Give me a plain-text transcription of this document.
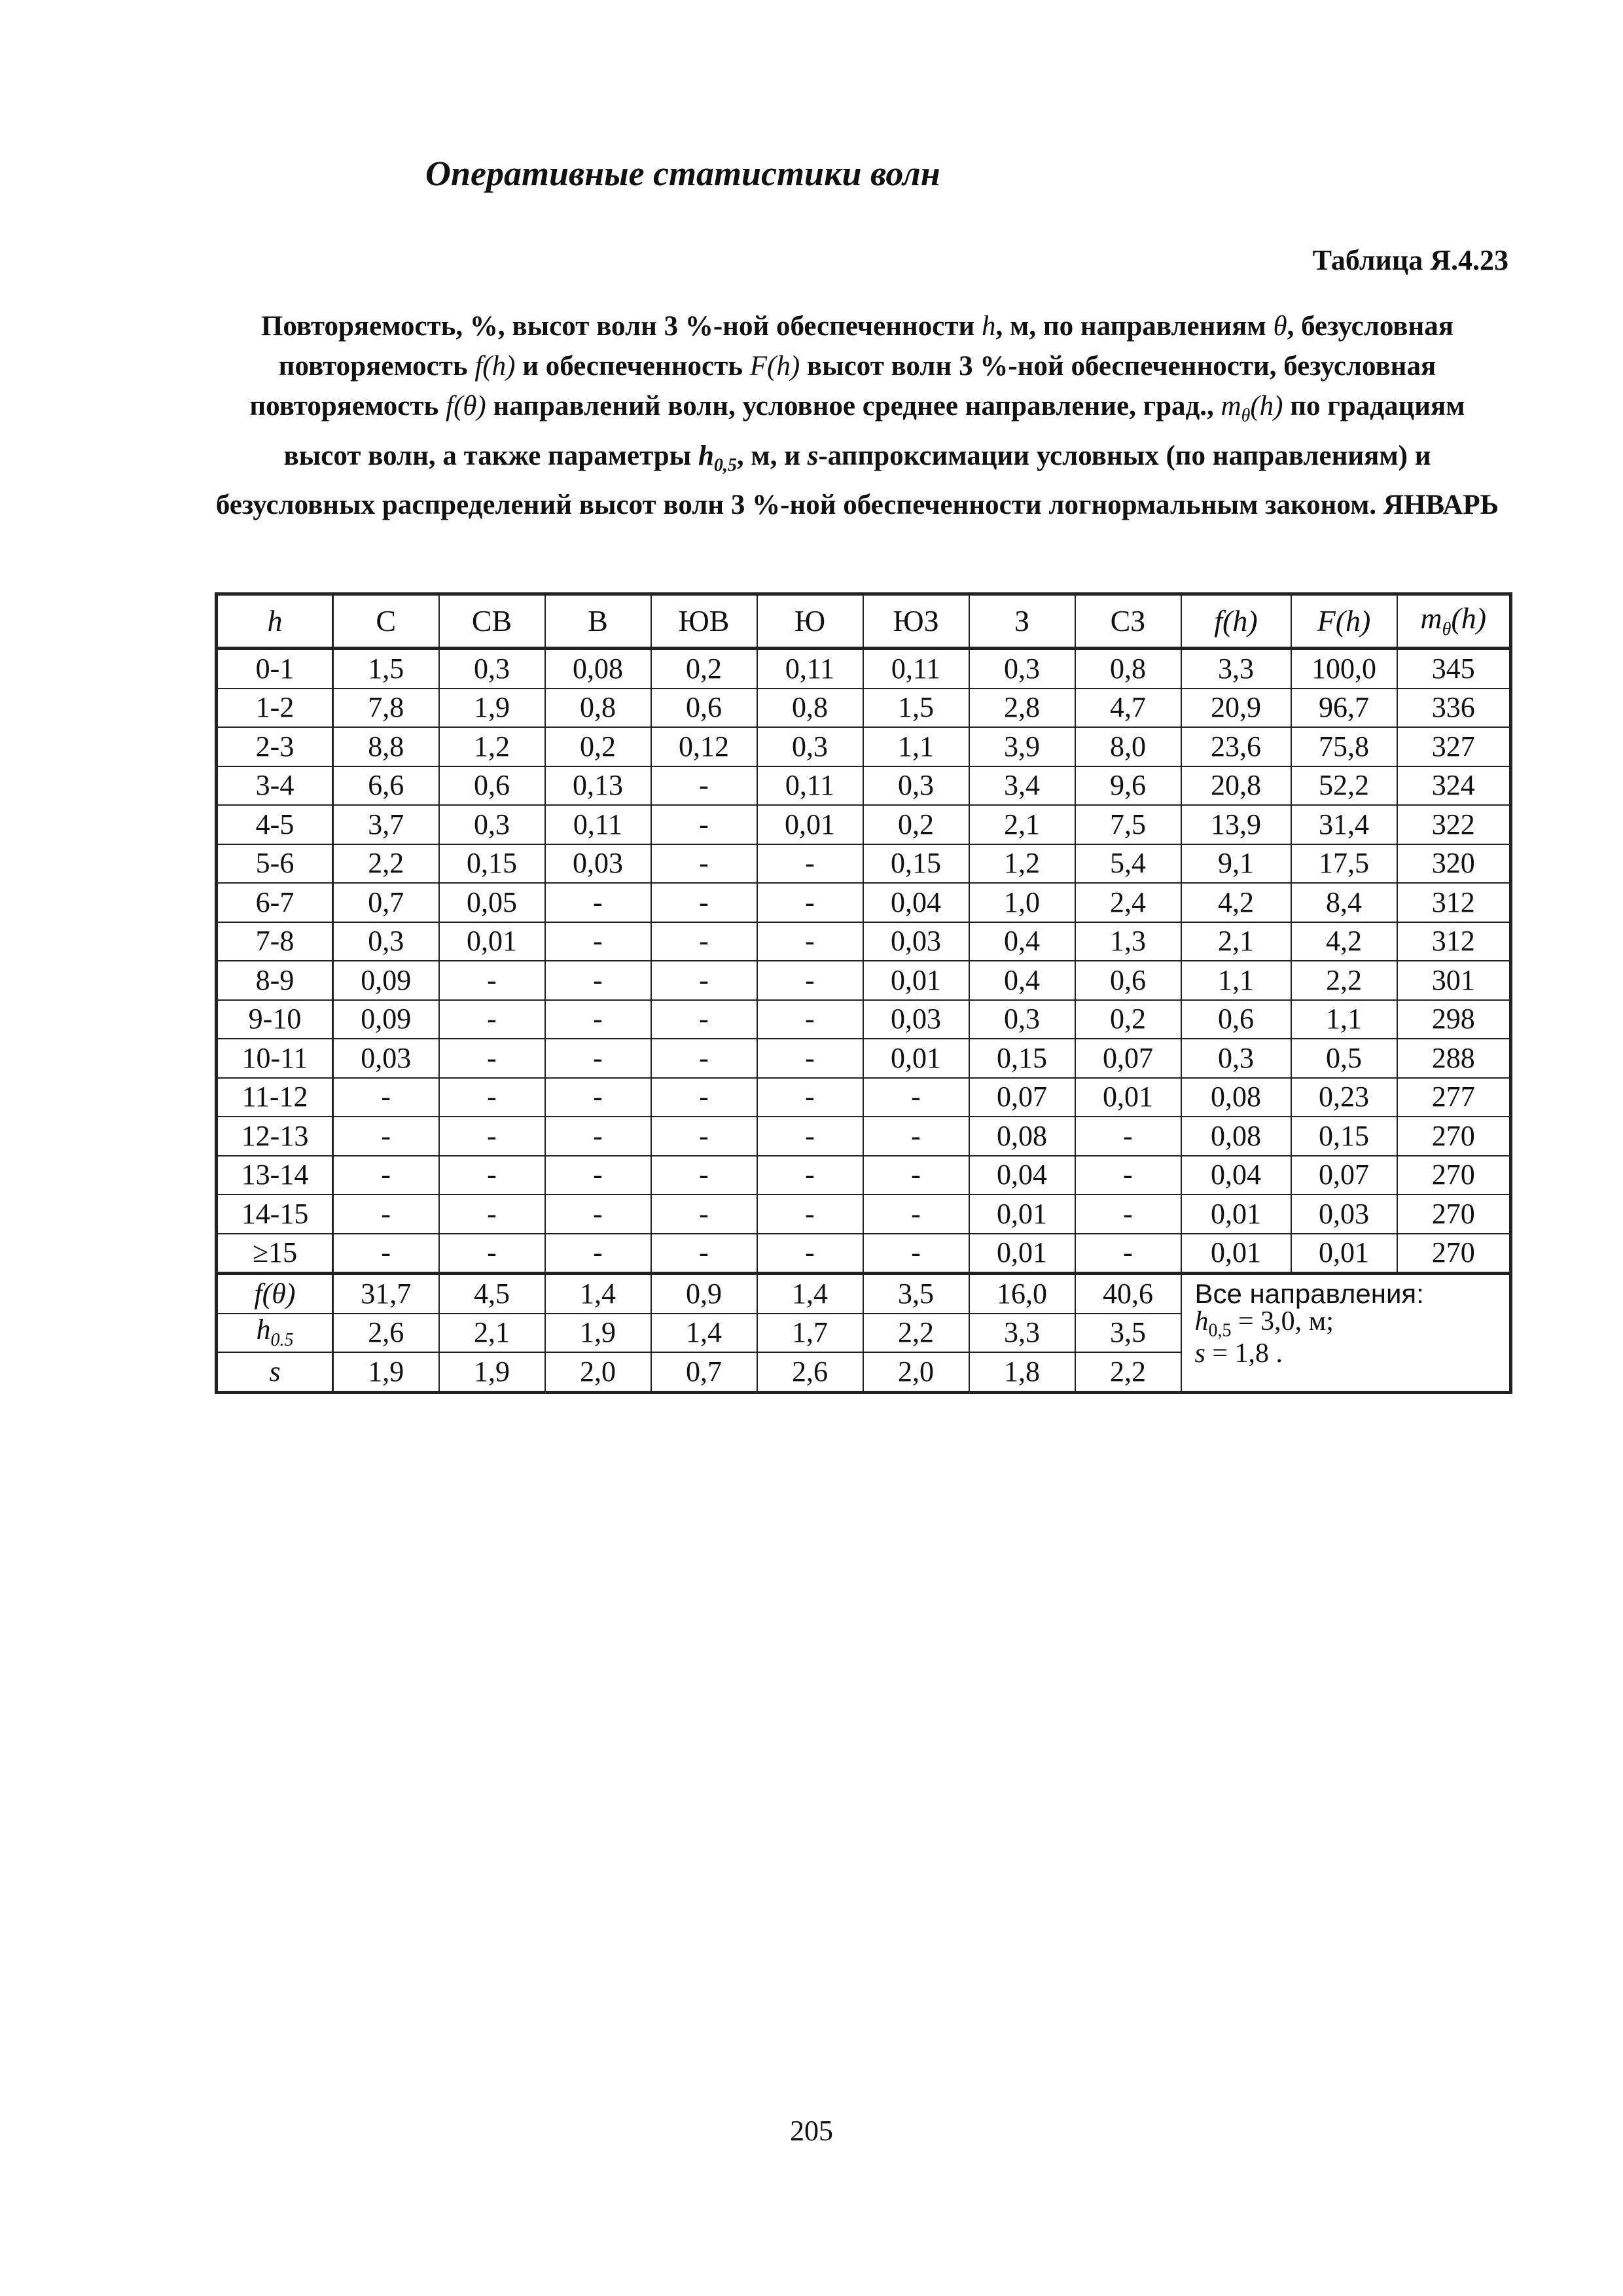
Оперативные статистики волн

Таблица Я.4.23

Повторяемость, %, высот волн 3 %-ной обеспеченности h, м, по направлениям θ, безусловная повторяемость f(h) и обеспеченность F(h) высот волн 3 %-ной обеспеченности, безусловная повторяемость f(θ) направлений волн, условное среднее направление, град., $m_\theta(h)$ по градациям высот волн, а также параметры $h_{0,5}$, м, и s-аппроксимации условных (по направлениям) и безусловных распределений высот волн 3 %-ной обеспеченности логнормальным законом. ЯНВАРЬ

h	С	СВ	В	ЮВ	Ю	ЮЗ	З	СЗ	f(h)	F(h)	$m_\theta(h)$
0-1	1,5	0,3	0,08	0,2	0,11	0,11	0,3	0,8	3,3	100,0	345
1-2	7,8	1,9	0,8	0,6	0,8	1,5	2,8	4,7	20,9	96,7	336
2-3	8,8	1,2	0,2	0,12	0,3	1,1	3,9	8,0	23,6	75,8	327
3-4	6,6	0,6	0,13	-	0,11	0,3	3,4	9,6	20,8	52,2	324
4-5	3,7	0,3	0,11	-	0,01	0,2	2,1	7,5	13,9	31,4	322
5-6	2,2	0,15	0,03	-	-	0,15	1,2	5,4	9,1	17,5	320
6-7	0,7	0,05	-	-	-	0,04	1,0	2,4	4,2	8,4	312
7-8	0,3	0,01	-	-	-	0,03	0,4	1,3	2,1	4,2	312
8-9	0,09	-	-	-	-	0,01	0,4	0,6	1,1	2,2	301
9-10	0,09	-	-	-	-	0,03	0,3	0,2	0,6	1,1	298
10-11	0,03	-	-	-	-	0,01	0,15	0,07	0,3	0,5	288
11-12	-	-	-	-	-	-	0,07	0,01	0,08	0,23	277
12-13	-	-	-	-	-	-	0,08	-	0,08	0,15	270
13-14	-	-	-	-	-	-	0,04	-	0,04	0,07	270
14-15	-	-	-	-	-	-	0,01	-	0,01	0,03	270
≥15	-	-	-	-	-	-	0,01	-	0,01	0,01	270
f(θ)	31,7	4,5	1,4	0,9	1,4	3,5	16,0	40,6	Все направления:
$h_{0,5} = 3,0$, м;
s = 1,8 .		

$h_{0.5}$	2,6	2,1	1,9	1,4	1,7	2,2	3,3	3,5			
s	1,9	1,9	2,0	0,7	2,6	2,0	1,8	2,2			

205
